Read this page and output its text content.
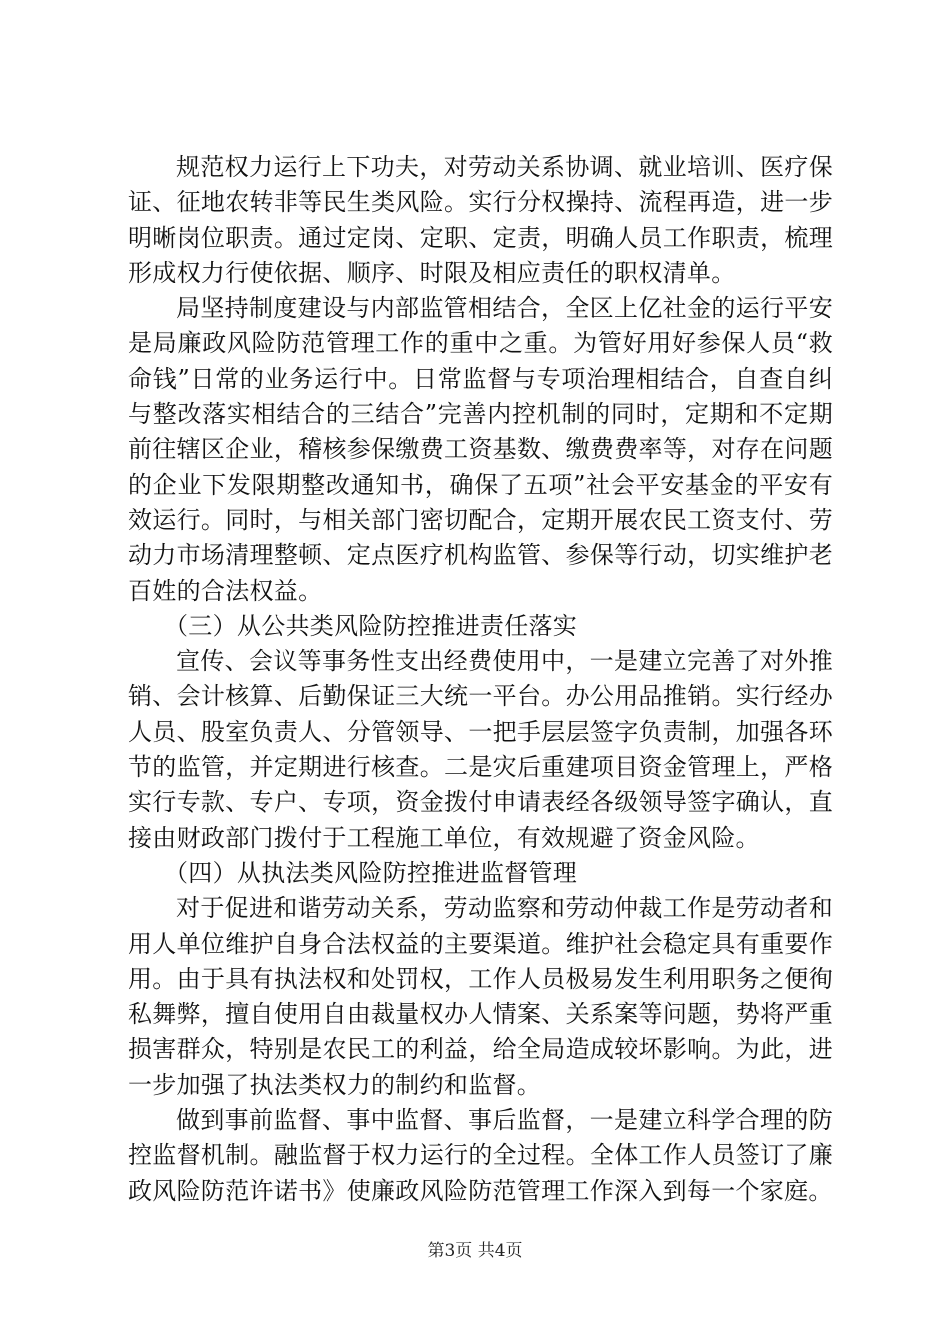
规范权力运行上下功夫，对劳动关系协调、就业培训、医疗保证、征地农转非等民生类风险。实行分权操持、流程再造，进一步明晰岗位职责。通过定岗、定职、定责，明确人员工作职责，梳理形成权力行使依据、顺序、时限及相应责任的职权清单。

局坚持制度建设与内部监管相结合，全区上亿社金的运行平安是局廉政风险防范管理工作的重中之重。为管好用好参保人员“救命钱”日常的业务运行中。日常监督与专项治理相结合，自查自纠与整改落实相结合的三结合”完善内控机制的同时，定期和不定期前往辖区企业，稽核参保缴费工资基数、缴费费率等，对存在问题的企业下发限期整改通知书，确保了五项”社会平安基金的平安有效运行。同时，与相关部门密切配合，定期开展农民工资支付、劳动力市场清理整顿、定点医疗机构监管、参保等行动，切实维护老百姓的合法权益。

（三）从公共类风险防控推进责任落实

宣传、会议等事务性支出经费使用中，一是建立完善了对外推销、会计核算、后勤保证三大统一平台。办公用品推销。实行经办人员、股室负责人、分管领导、一把手层层签字负责制，加强各环节的监管，并定期进行核查。二是灾后重建项目资金管理上，严格实行专款、专户、专项，资金拨付申请表经各级领导签字确认，直接由财政部门拨付于工程施工单位，有效规避了资金风险。

（四）从执法类风险防控推进监督管理

对于促进和谐劳动关系，劳动监察和劳动仲裁工作是劳动者和用人单位维护自身合法权益的主要渠道。维护社会稳定具有重要作用。由于具有执法权和处罚权，工作人员极易发生利用职务之便徇私舞弊，擅自使用自由裁量权办人情案、关系案等问题，势将严重损害群众，特别是农民工的利益，给全局造成较坏影响。为此，进一步加强了执法类权力的制约和监督。

做到事前监督、事中监督、事后监督，一是建立科学合理的防控监督机制。融监督于权力运行的全过程。全体工作人员签订了廉政风险防范许诺书》使廉政风险防范管理工作深入到每一个家庭。

第3页 共4页
